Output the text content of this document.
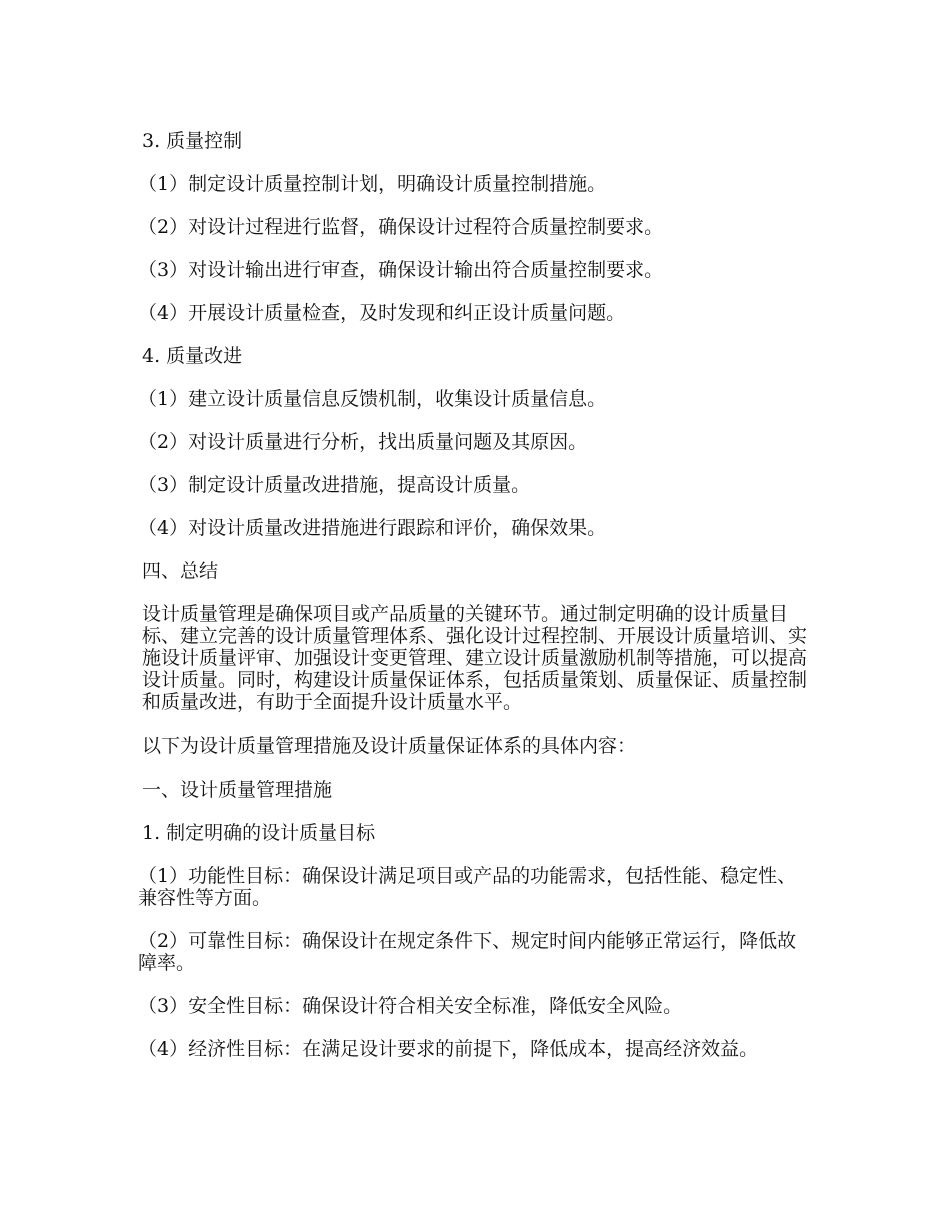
3. 质量控制
（1）制定设计质量控制计划，明确设计质量控制措施。
（2）对设计过程进行监督，确保设计过程符合质量控制要求。
（3）对设计输出进行审查，确保设计输出符合质量控制要求。
（4）开展设计质量检查，及时发现和纠正设计质量问题。
4. 质量改进
（1）建立设计质量信息反馈机制，收集设计质量信息。
（2）对设计质量进行分析，找出质量问题及其原因。
（3）制定设计质量改进措施，提高设计质量。
（4）对设计质量改进措施进行跟踪和评价，确保效果。
四、总结
设计质量管理是确保项目或产品质量的关键环节。通过制定明确的设计质量目标、建立完善的设计质量管理体系、强化设计过程控制、开展设计质量培训、实施设计质量评审、加强设计变更管理、建立设计质量激励机制等措施，可以提高设计质量。同时，构建设计质量保证体系，包括质量策划、质量保证、质量控制和质量改进，有助于全面提升设计质量水平。
以下为设计质量管理措施及设计质量保证体系的具体内容：
一、设计质量管理措施
1. 制定明确的设计质量目标
（1）功能性目标：确保设计满足项目或产品的功能需求，包括性能、稳定性、兼容性等方面。
（2）可靠性目标：确保设计在规定条件下、规定时间内能够正常运行，降低故障率。
（3）安全性目标：确保设计符合相关安全标准，降低安全风险。
（4）经济性目标：在满足设计要求的前提下，降低成本，提高经济效益。
